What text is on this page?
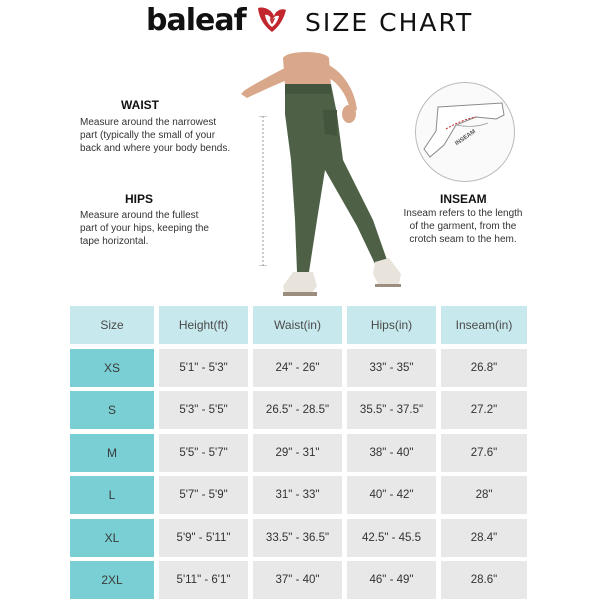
baleaf SIZE CHART
WAIST
Measure around the narrowest
part (typically the small of your
back and where your body bends.
HIPS
Measure around the fullest
part of your hips, keeping the
tape horizontal.
INSEAM
Inseam refers to the length
of the garment, from the
crotch seam to the hem.
INSEAM
Size	Height(ft)	Waist(in)	Hips(in)	Inseam(in)
XS	5'1" - 5'3"	24" - 26"	33" - 35"	26.8"
S	5'3" - 5'5"	26.5" - 28.5"	35.5" - 37.5"	27.2"
M	5'5" - 5'7"	29" - 31"	38" - 40"	27.6"
L	5'7" - 5'9"	31" - 33"	40" - 42"	28"
XL	5'9" - 5'11"	33.5" - 36.5"	42.5" - 45.5	28.4"
2XL	5'11" - 6'1"	37" - 40"	46" - 49"	28.6"
